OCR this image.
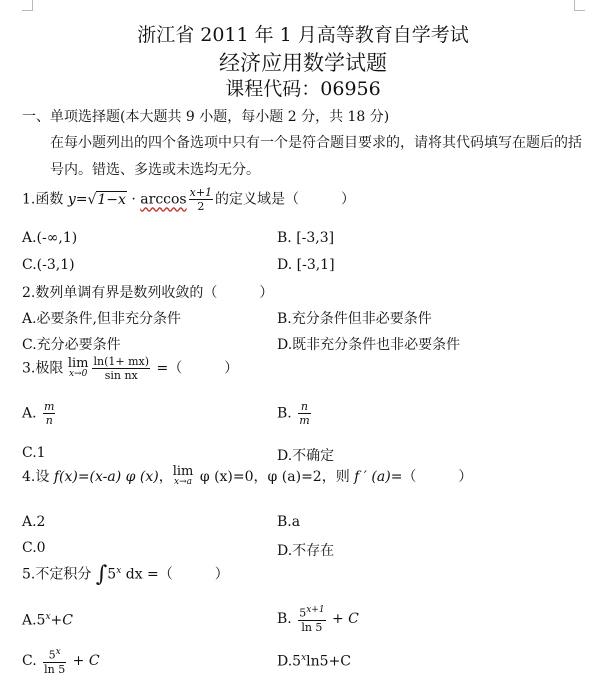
浙江省 2011 年 1 月高等教育自学考试
经济应用数学试题
课程代码：06956
一、单项选择题(本大题共 9 小题，每小题 2 分，共 18 分)
在每小题列出的四个备选项中只有一个是符合题目要求的，请将其代码填写在题后的括号内。错选、多选或未选均无分。
1.函数 $y=√1-x \cdot \arccos \frac{x+1}{2}$ 的定义域是（　　　）
A.(-∞,1)	B. [-3,3]
C.(-3,1)	D. [-3,1]
2.数列单调有界是数列收敛的（　　　）
A.必要条件,但非充分条件	B.充分条件但非必要条件
C.充分必要条件	D.既非充分条件也非必要条件
3.极限 lim
$x\to 0 \frac{\ln(1+ mx)}{\text{sin nx}}$ =（　　　）
A. $\frac{m}{n}$	B. $\frac{n}{m}$
C.1	D.不确定
4.设 f(x)=(x-a) φ (x)， lim
x→a φ (x)=0，φ (a)=2，则 f ′ (a)=（　　　）
A.2	B.a
C.0	D.不存在
5.不定积分 ∫5$^x$ dx =（　　　）
$A.5^x+C$	B. $\frac{5^{x+1}}{\ln 5} + C$
C. $\frac{5^x}{\ln 5} + C$	$D.5^x\ln 5+C$
